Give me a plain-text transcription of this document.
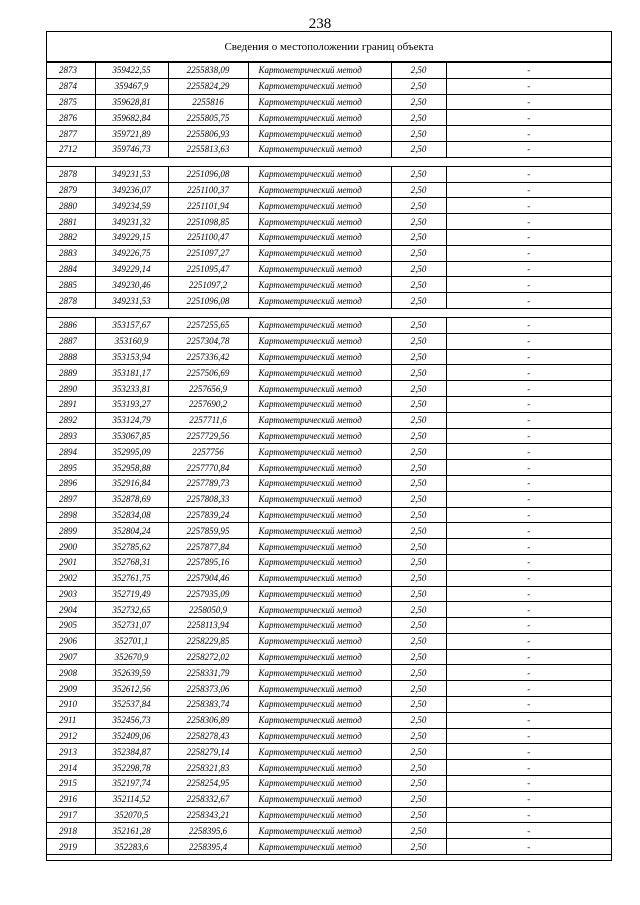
238
Сведения о местоположении границ объекта
2873	359422,55	2255838,09	Картометрический метод	2,50	-
2874	359467,9	2255824,29	Картометрический метод	2,50	-
2875	359628,81	2255816	Картометрический метод	2,50	-
2876	359682,84	2255805,75	Картометрический метод	2,50	-
2877	359721,89	2255806,93	Картометрический метод	2,50	-
2712	359746,73	2255813,63	Картометрический метод	2,50	-

2878	349231,53	2251096,08	Картометрический метод	2,50	-
2879	349236,07	2251100,37	Картометрический метод	2,50	-
2880	349234,59	2251101,94	Картометрический метод	2,50	-
2881	349231,32	2251098,85	Картометрический метод	2,50	-
2882	349229,15	2251100,47	Картометрический метод	2,50	-
2883	349226,75	2251097,27	Картометрический метод	2,50	-
2884	349229,14	2251095,47	Картометрический метод	2,50	-
2885	349230,46	2251097,2	Картометрический метод	2,50	-
2878	349231,53	2251096,08	Картометрический метод	2,50	-

2886	353157,67	2257255,65	Картометрический метод	2,50	-
2887	353160,9	2257304,78	Картометрический метод	2,50	-
2888	353153,94	2257336,42	Картометрический метод	2,50	-
2889	353181,17	2257506,69	Картометрический метод	2,50	-
2890	353233,81	2257656,9	Картометрический метод	2,50	-
2891	353193,27	2257690,2	Картометрический метод	2,50	-
2892	353124,79	2257711,6	Картометрический метод	2,50	-
2893	353067,85	2257729,56	Картометрический метод	2,50	-
2894	352995,09	2257756	Картометрический метод	2,50	-
2895	352958,88	2257770,84	Картометрический метод	2,50	-
2896	352916,84	2257789,73	Картометрический метод	2,50	-
2897	352878,69	2257808,33	Картометрический метод	2,50	-
2898	352834,08	2257839,24	Картометрический метод	2,50	-
2899	352804,24	2257859,95	Картометрический метод	2,50	-
2900	352785,62	2257877,84	Картометрический метод	2,50	-
2901	352768,31	2257895,16	Картометрический метод	2,50	-
2902	352761,75	2257904,46	Картометрический метод	2,50	-
2903	352719,49	2257935,09	Картометрический метод	2,50	-
2904	352732,65	2258050,9	Картометрический метод	2,50	-
2905	352731,07	2258113,94	Картометрический метод	2,50	-
2906	352701,1	2258229,85	Картометрический метод	2,50	-
2907	352670,9	2258272,02	Картометрический метод	2,50	-
2908	352639,59	2258331,79	Картометрический метод	2,50	-
2909	352612,56	2258373,06	Картометрический метод	2,50	-
2910	352537,84	2258383,74	Картометрический метод	2,50	-
2911	352456,73	2258306,89	Картометрический метод	2,50	-
2912	352409,06	2258278,43	Картометрический метод	2,50	-
2913	352384,87	2258279,14	Картометрический метод	2,50	-
2914	352298,78	2258321,83	Картометрический метод	2,50	-
2915	352197,74	2258254,95	Картометрический метод	2,50	-
2916	352114,52	2258332,67	Картометрический метод	2,50	-
2917	352070,5	2258343,21	Картометрический метод	2,50	-
2918	352161,28	2258395,6	Картометрический метод	2,50	-
2919	352283,6	2258395,4	Картометрический метод	2,50	-
